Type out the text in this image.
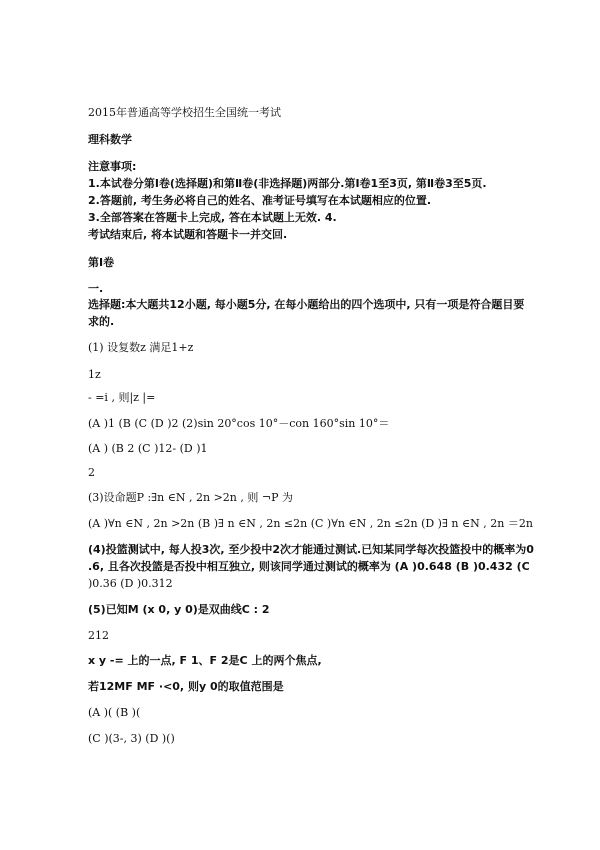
2015年普通高等学校招生全国统一考试
理科数学
注意事项:
1.本试卷分第Ⅰ卷(选择题)和第Ⅱ卷(非选择题)两部分.第Ⅰ卷1至3页, 第Ⅱ卷3至5页.
2.答题前, 考生务必将自己的姓名、准考证号填写在本试题相应的位置.
3.全部答案在答题卡上完成, 答在本试题上无效. 4.
考试结束后, 将本试题和答题卡一并交回.
第Ⅰ卷
一.
选择题:本大题共12小题, 每小题5分, 在每小题给出的四个选项中, 只有一项是符合题目要
求的.
(1) 设复数z 满足1+z
1z
- =i , 则|z |=
(A )1 (B (C (D )2 (2)sin 20°cos 10°－con 160°sin 10°＝
(A ) (B 2 (C )12- (D )1
2
(3)设命题P :∃n ∈N , 2n >2n , 则 ¬P 为
(A )∀n ∈N , 2n >2n (B )∃ n ∈N , 2n ≤2n (C )∀n ∈N , 2n ≤2n (D )∃ n ∈N , 2n ＝2n
(4)投篮测试中, 每人投3次, 至少投中2次才能通过测试.已知某同学每次投篮投中的概率为0
.6, 且各次投篮是否投中相互独立, 则该同学通过测试的概率为 (A )0.648 (B )0.432 (C
)0.36 (D )0.312
(5)已知M (x 0, y 0)是双曲线C : 2
212
x y -= 上的一点, F 1、F 2是C 上的两个焦点,
若12MF MF ·<0, 则y 0的取值范围是
(A )( (B )(
(C )(3-, 3) (D )()
